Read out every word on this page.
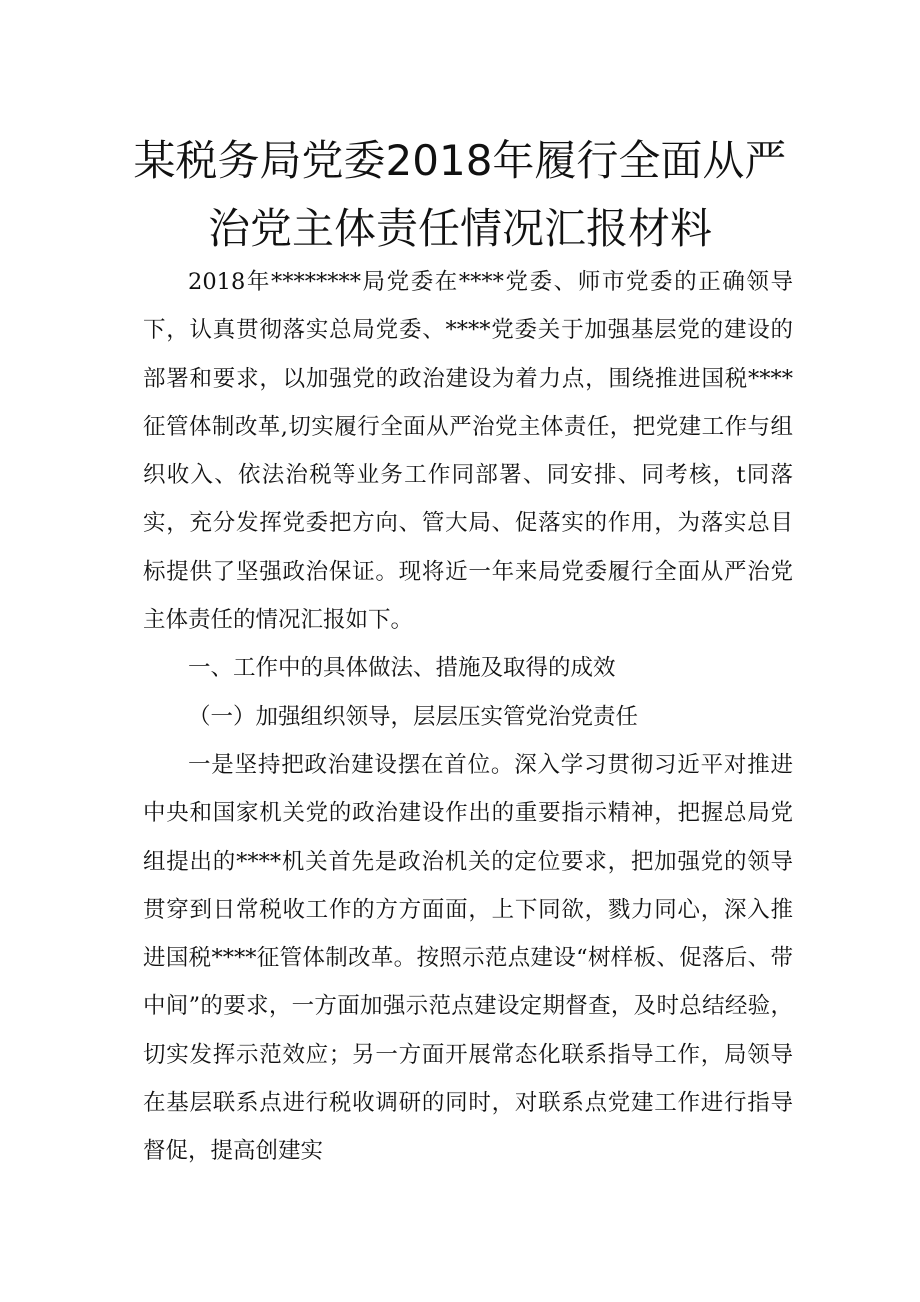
某税务局党委2018年履行全面从严
治党主体责任情况汇报材料

2018年********局党委在****党委、师市党委的正确领导下，认真贯彻落实总局党委、****党委关于加强基层党的建设的部署和要求，以加强党的政治建设为着力点，围绕推进国税****征管体制改革,切实履行全面从严治党主体责任，把党建工作与组织收入、依法治税等业务工作同部署、同安排、同考核，t同落实，充分发挥党委把方向、管大局、促落实的作用，为落实总目标提供了坚强政治保证。现将近一年来局党委履行全面从严治党主体责任的情况汇报如下。

一、工作中的具体做法、措施及取得的成效

（一）加强组织领导，层层压实管党治党责任

一是坚持把政治建设摆在首位。深入学习贯彻习近平对推进中央和国家机关党的政治建设作出的重要指示精神，把握总局党组提出的****机关首先是政治机关的定位要求，把加强党的领导贯穿到日常税收工作的方方面面，上下同欲，戮力同心，深入推进国税****征管体制改革。按照示范点建设“树样板、促落后、带中间”的要求，一方面加强示范点建设定期督查，及时总结经验，切实发挥示范效应；另一方面开展常态化联系指导工作，局领导在基层联系点进行税收调研的同时，对联系点党建工作进行指导督促，提高创建实
